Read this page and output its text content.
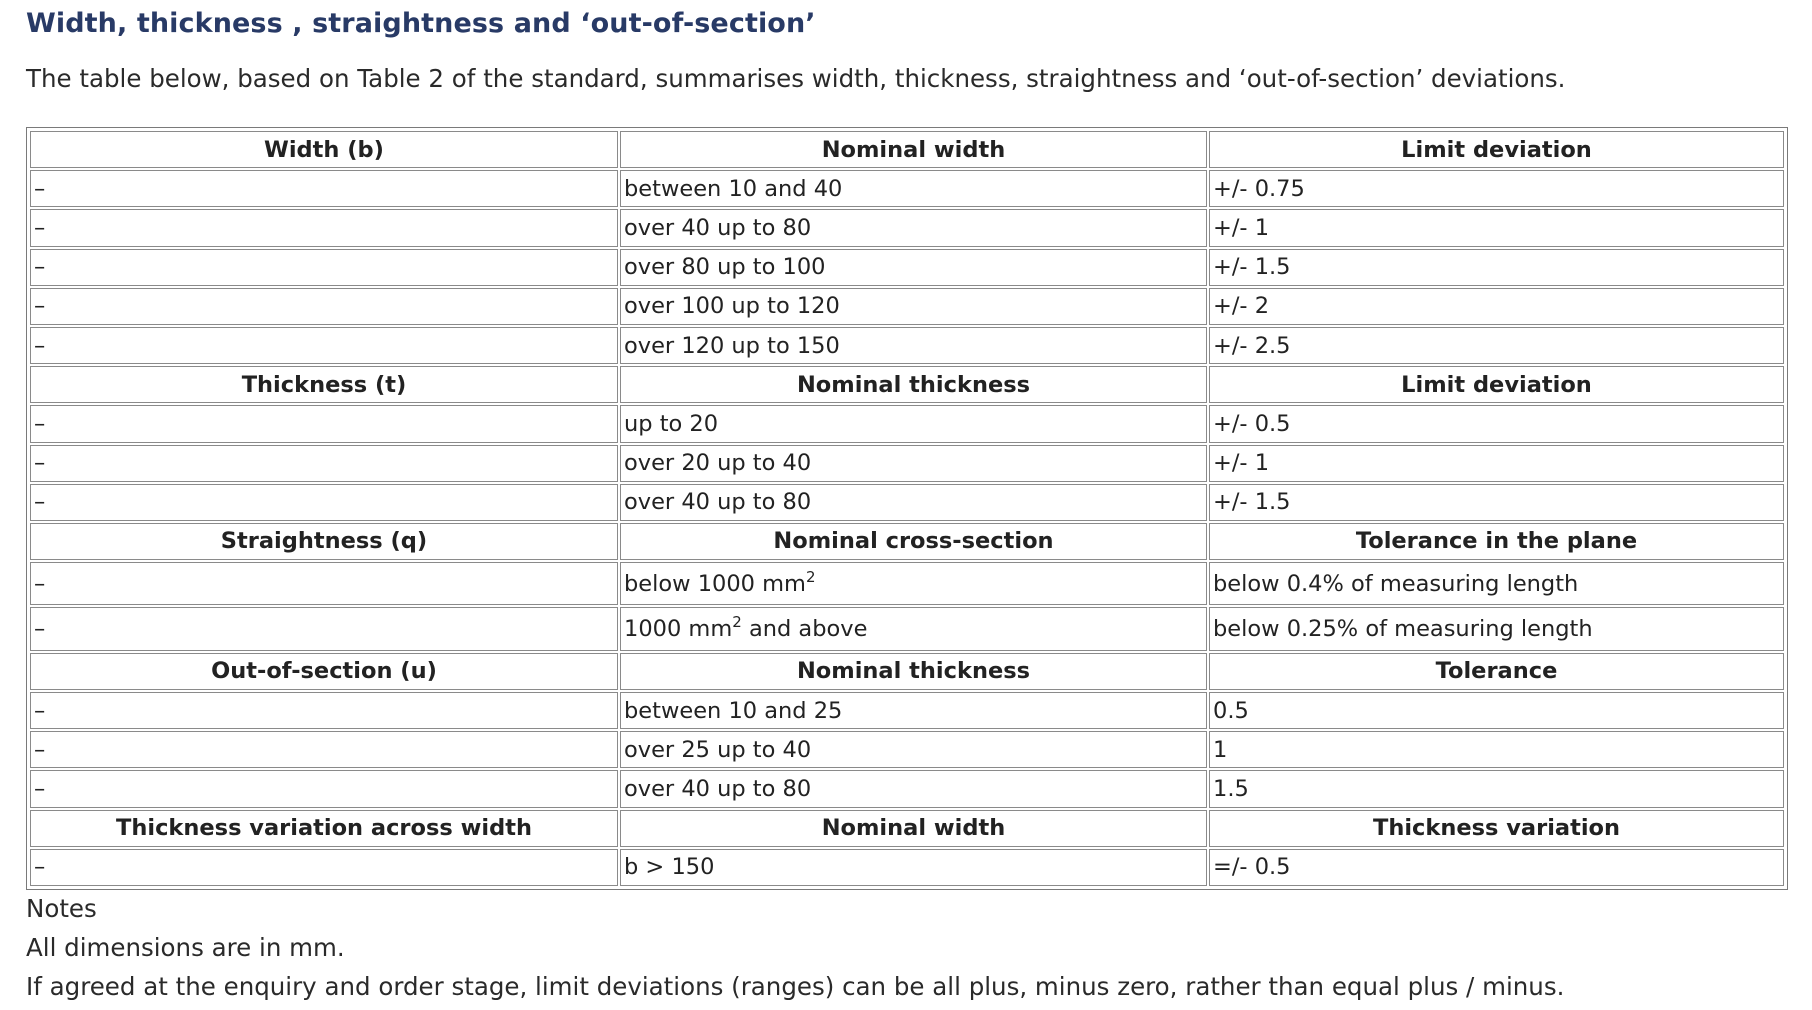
Width, thickness , straightness and ‘out-of-section’

The table below, based on Table 2 of the standard, summarises width, thickness, straightness and ‘out-of-section’ deviations.

Width (b)	Nominal width	Limit deviation
–	between 10 and 40	+/- 0.75
–	over 40 up to 80	+/- 1
–	over 80 up to 100	+/- 1.5
–	over 100 up to 120	+/- 2
–	over 120 up to 150	+/- 2.5
Thickness (t)	Nominal thickness	Limit deviation
–	up to 20	+/- 0.5
–	over 20 up to 40	+/- 1
–	over 40 up to 80	+/- 1.5
Straightness (q)	Nominal cross-section	Tolerance in the plane
–	below 1000 $mm^2$	below 0.4% of measuring length
–	1000 $mm^2$ and above	below 0.25% of measuring length
Out-of-section (u)	Nominal thickness	Tolerance
–	between 10 and 25	0.5
–	over 25 up to 40	1
–	over 40 up to 80	1.5
Thickness variation across width	Nominal width	Thickness variation
–	b > 150	=/- 0.5
Notes
All dimensions are in mm.
If agreed at the enquiry and order stage, limit deviations (ranges) can be all plus, minus zero, rather than equal plus / minus.
